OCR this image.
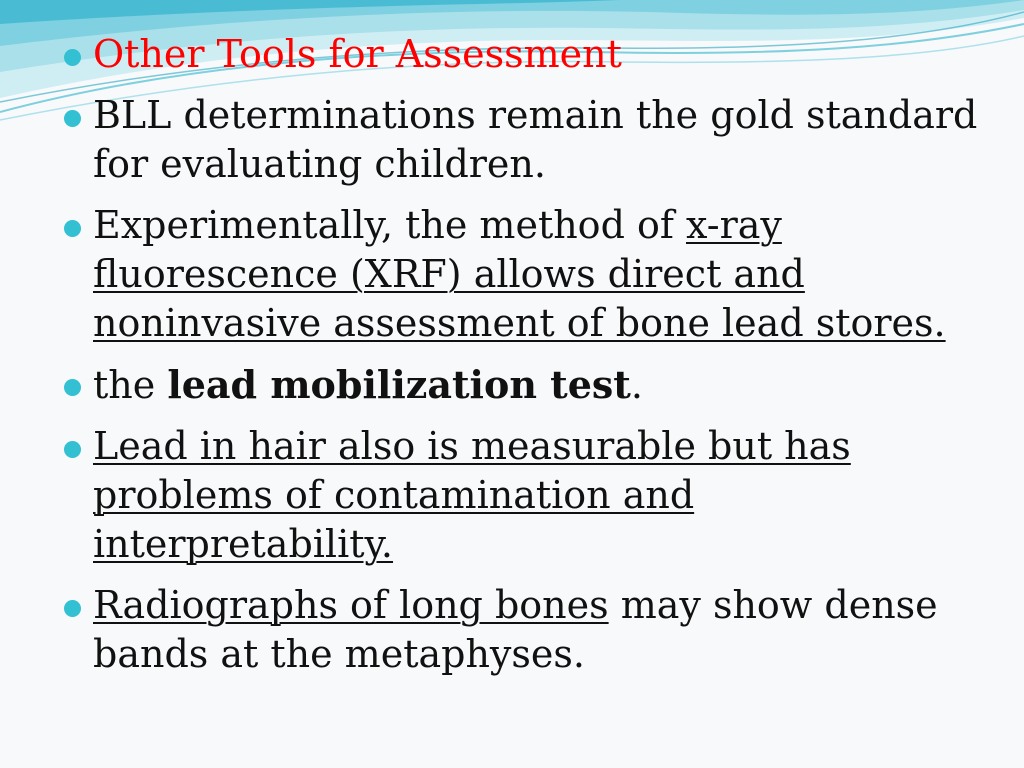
Other Tools for Assessment
BLL determinations remain the gold standard for evaluating children.
Experimentally, the method of x-ray fluorescence (XRF) allows direct and noninvasive assessment of bone lead stores.
the lead mobilization test.
Lead in hair also is measurable but has problems of contamination and interpretability.
Radiographs of long bones may show dense bands at the metaphyses.
